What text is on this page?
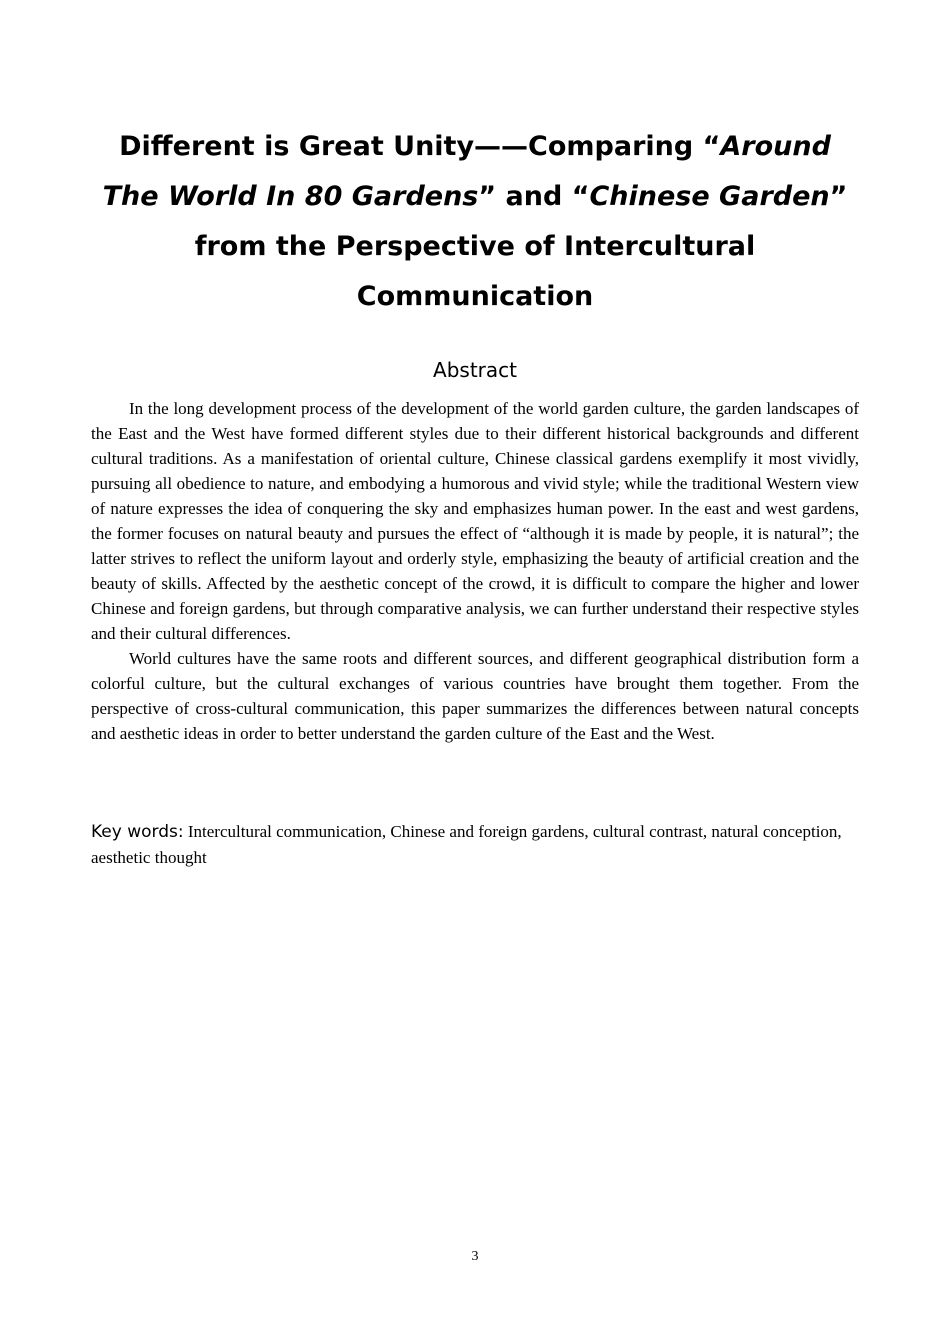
Different is Great Unity——Comparing “Around The World In 80 Gardens” and “Chinese Garden” from the Perspective of Intercultural Communication
Abstract

In the long development process of the development of the world garden culture, the garden landscapes of the East and the West have formed different styles due to their different historical backgrounds and different cultural traditions. As a manifestation of oriental culture, Chinese classical gardens exemplify it most vividly, pursuing all obedience to nature, and embodying a humorous and vivid style; while the traditional Western view of nature expresses the idea of conquering the sky and emphasizes human power. In the east and west gardens, the former focuses on natural beauty and pursues the effect of “although it is made by people, it is natural”; the latter strives to reflect the uniform layout and orderly style, emphasizing the beauty of artificial creation and the beauty of skills. Affected by the aesthetic concept of the crowd, it is difficult to compare the higher and lower Chinese and foreign gardens, but through comparative analysis, we can further understand their respective styles and their cultural differences.

World cultures have the same roots and different sources, and different geographical distribution form a colorful culture, but the cultural exchanges of various countries have brought them together. From the perspective of cross-cultural communication, this paper summarizes the differences between natural concepts and aesthetic ideas in order to better understand the garden culture of the East and the West.

Key words: Intercultural communication, Chinese and foreign gardens, cultural contrast, natural conception, aesthetic thought

3
